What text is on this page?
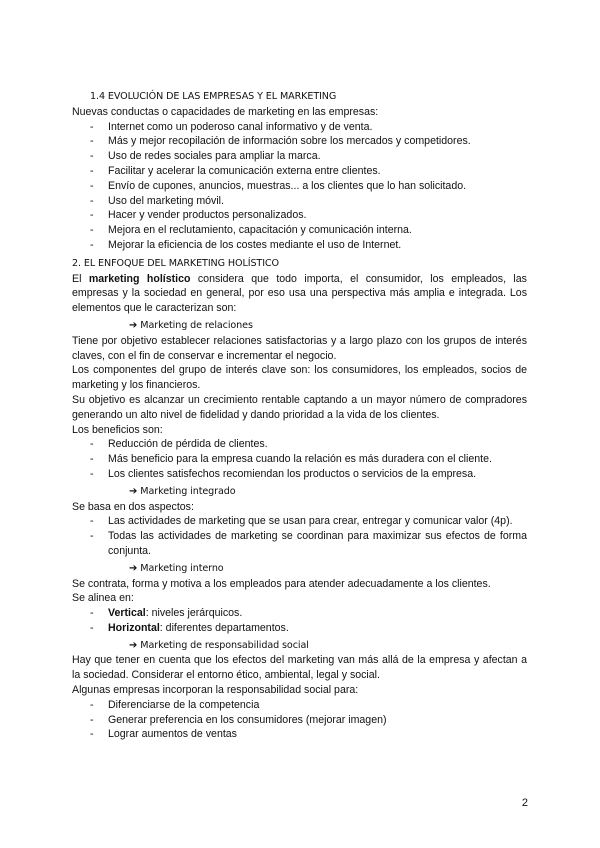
1.4 EVOLUCIÓN DE LAS EMPRESAS Y EL MARKETING
Nuevas conductas o capacidades de marketing en las empresas:
- Internet como un poderoso canal informativo y de venta.
- Más y mejor recopilación de información sobre los mercados y competidores.
- Uso de redes sociales para ampliar la marca.
- Facilitar y acelerar la comunicación externa entre clientes.
- Envío de cupones, anuncios, muestras... a los clientes que lo han solicitado.
- Uso del marketing móvil.
- Hacer y vender productos personalizados.
- Mejora en el reclutamiento, capacitación y comunicación interna.
- Mejorar la eficiencia de los costes mediante el uso de Internet.
2. EL ENFOQUE DEL MARKETING HOLÍSTICO
El marketing holístico considera que todo importa, el consumidor, los empleados, las empresas y la sociedad en general, por eso usa una perspectiva más amplia e integrada. Los elementos que le caracterizan son:
➔ Marketing de relaciones
Tiene por objetivo establecer relaciones satisfactorias y a largo plazo con los grupos de interés claves, con el fin de conservar e incrementar el negocio.
Los componentes del grupo de interés clave son: los consumidores, los empleados, socios de marketing y los financieros.
Su objetivo es alcanzar un crecimiento rentable captando a un mayor número de compradores generando un alto nivel de fidelidad y dando prioridad a la vida de los clientes.
Los beneficios son:
- Reducción de pérdida de clientes.
- Más beneficio para la empresa cuando la relación es más duradera con el cliente.
- Los clientes satisfechos recomiendan los productos o servicios de la empresa.
➔ Marketing integrado
Se basa en dos aspectos:
- Las actividades de marketing que se usan para crear, entregar y comunicar valor (4p).
- Todas las actividades de marketing se coordinan para maximizar sus efectos de forma conjunta.
➔ Marketing interno
Se contrata, forma y motiva a los empleados para atender adecuadamente a los clientes.
Se alinea en:
- Vertical: niveles jerárquicos.
- Horizontal: diferentes departamentos.
➔ Marketing de responsabilidad social
Hay que tener en cuenta que los efectos del marketing van más allá de la empresa y afectan a la sociedad. Considerar el entorno ético, ambiental, legal y social.
Algunas empresas incorporan la responsabilidad social para:
- Diferenciarse de la competencia
- Generar preferencia en los consumidores (mejorar imagen)
- Lograr aumentos de ventas
2
